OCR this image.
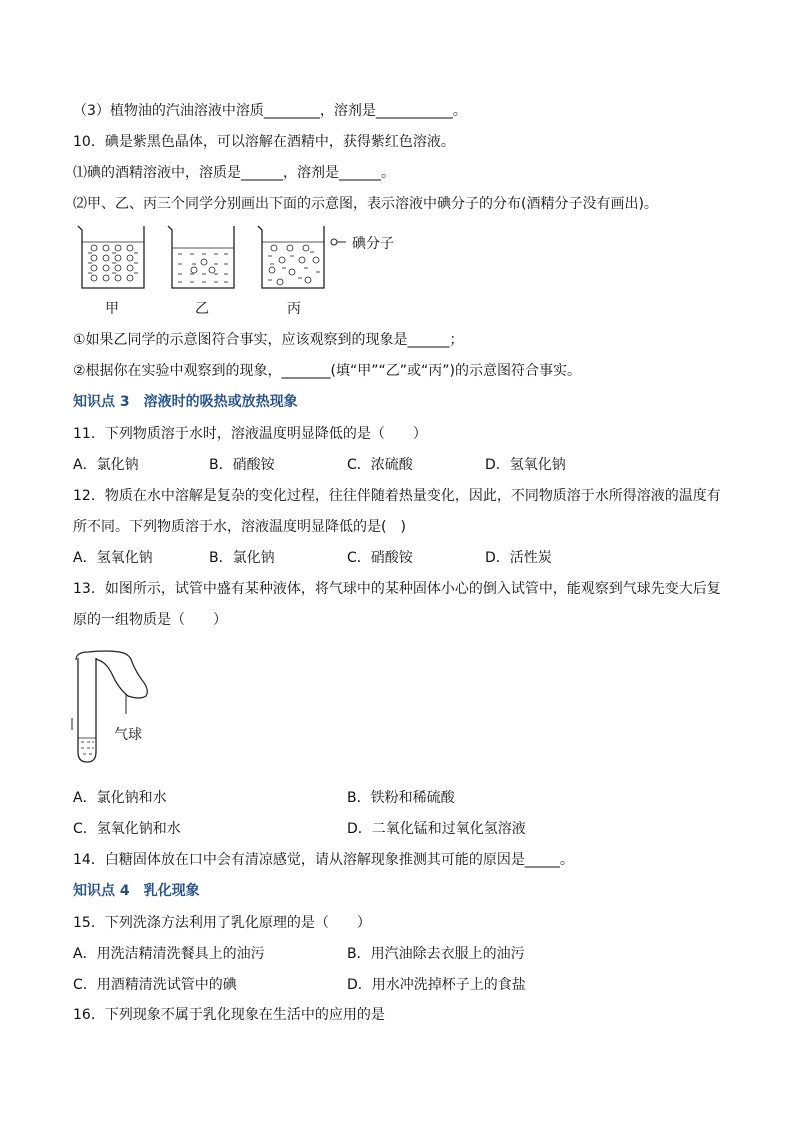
（3）植物油的汽油溶液中溶质________，溶剂是___________。
10．碘是紫黑色晶体，可以溶解在酒精中，获得紫红色溶液。
⑴碘的酒精溶液中，溶质是______，溶剂是______。
⑵甲、乙、丙三个同学分别画出下面的示意图，表示溶液中碘分子的分布(酒精分子没有画出)。
碘分子
甲	乙	丙
①如果乙同学的示意图符合事实，应该观察到的现象是______；
②根据你在实验中观察到的现象，_______(填“甲”“乙”或“丙”)的示意图符合事实。
知识点 3　溶液时的吸热或放热现象
11．下列物质溶于水时，溶液温度明显降低的是（　　）
A．氯化钠	B．硝酸铵	C．浓硫酸	D．氢氧化钠
12．物质在水中溶解是复杂的变化过程，往往伴随着热量变化，因此，不同物质溶于水所得溶液的温度有
所不同。下列物质溶于水，溶液温度明显降低的是(　)
A．氢氧化钠	B．氯化钠	C．硝酸铵	D．活性炭
13．如图所示，试管中盛有某种液体，将气球中的某种固体小心的倒入试管中，能观察到气球先变大后复
原的一组物质是（　　）
气球
A．氯化钠和水	B．铁粉和稀硫酸
C．氢氧化钠和水	D．二氧化锰和过氧化氢溶液
14．白糖固体放在口中会有清凉感觉，请从溶解现象推测其可能的原因是_____。
知识点 4　乳化现象
15．下列洗涤方法利用了乳化原理的是（　　）
A．用洗洁精清洗餐具上的油污	B．用汽油除去衣服上的油污
C．用酒精清洗试管中的碘	D．用水冲洗掉杯子上的食盐
16．下列现象不属于乳化现象在生活中的应用的是
